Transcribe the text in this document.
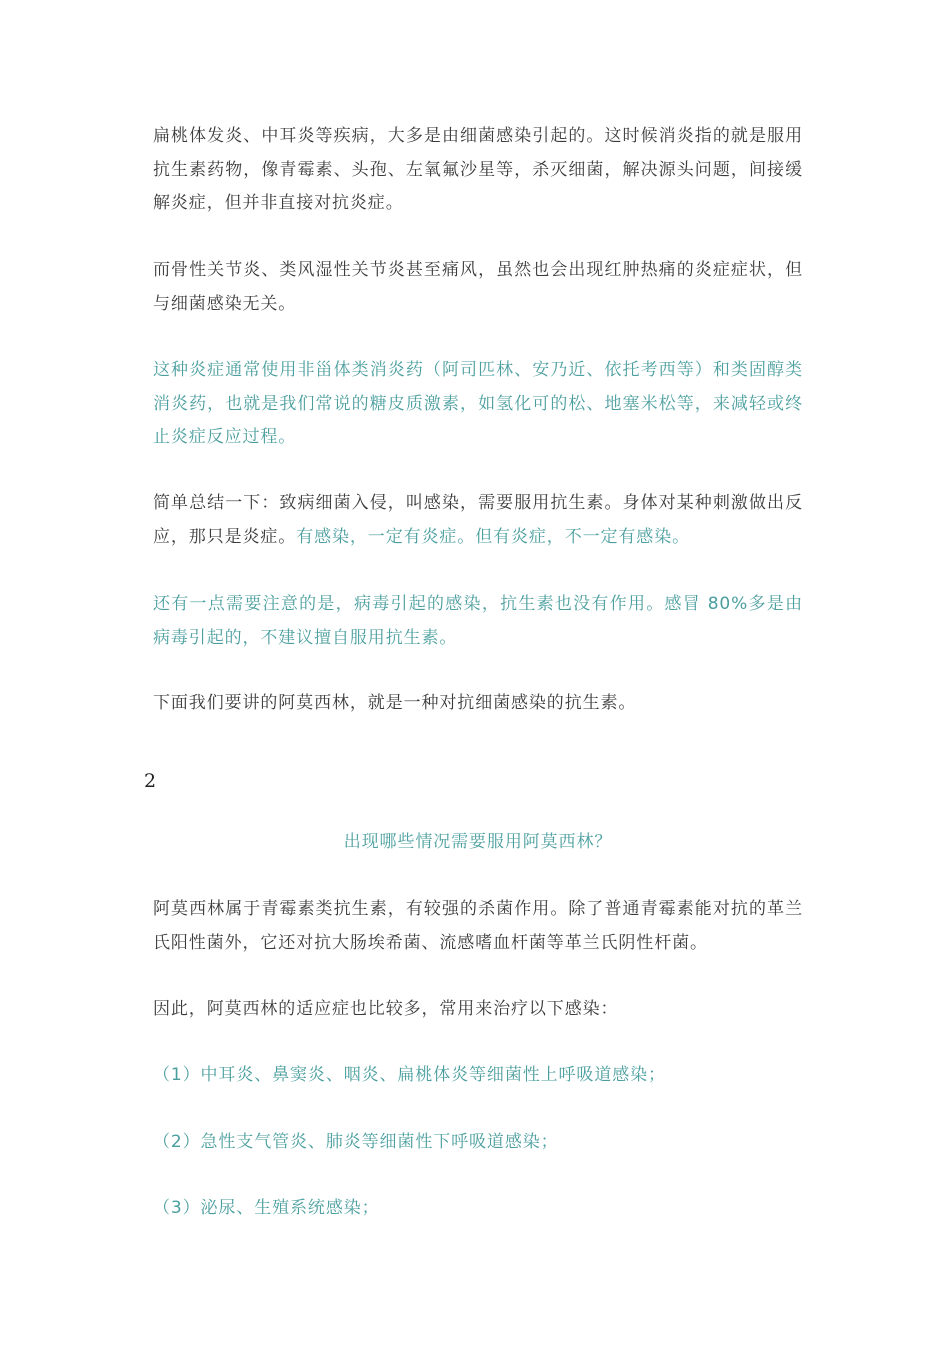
扁桃体发炎、中耳炎等疾病，大多是由细菌感染引起的。这时候消炎指的就是服用抗生素药物，像青霉素、头孢、左氧氟沙星等，杀灭细菌，解决源头问题，间接缓解炎症，但并非直接对抗炎症。

而骨性关节炎、类风湿性关节炎甚至痛风，虽然也会出现红肿热痛的炎症症状，但与细菌感染无关。

这种炎症通常使用非甾体类消炎药（阿司匹林、安乃近、依托考西等）和类固醇类消炎药，也就是我们常说的糖皮质激素，如氢化可的松、地塞米松等，来减轻或终止炎症反应过程。

简单总结一下：致病细菌入侵，叫感染，需要服用抗生素。身体对某种刺激做出反应，那只是炎症。有感染，一定有炎症。但有炎症，不一定有感染。

还有一点需要注意的是，病毒引起的感染，抗生素也没有作用。感冒 80%多是由病毒引起的，不建议擅自服用抗生素。

下面我们要讲的阿莫西林，就是一种对抗细菌感染的抗生素。

2

出现哪些情况需要服用阿莫西林？

阿莫西林属于青霉素类抗生素，有较强的杀菌作用。除了普通青霉素能对抗的革兰氏阳性菌外，它还对抗大肠埃希菌、流感嗜血杆菌等革兰氏阴性杆菌。

因此，阿莫西林的适应症也比较多，常用来治疗以下感染：

（1）中耳炎、鼻窦炎、咽炎、扁桃体炎等细菌性上呼吸道感染；

（2）急性支气管炎、肺炎等细菌性下呼吸道感染；

（3）泌尿、生殖系统感染；
